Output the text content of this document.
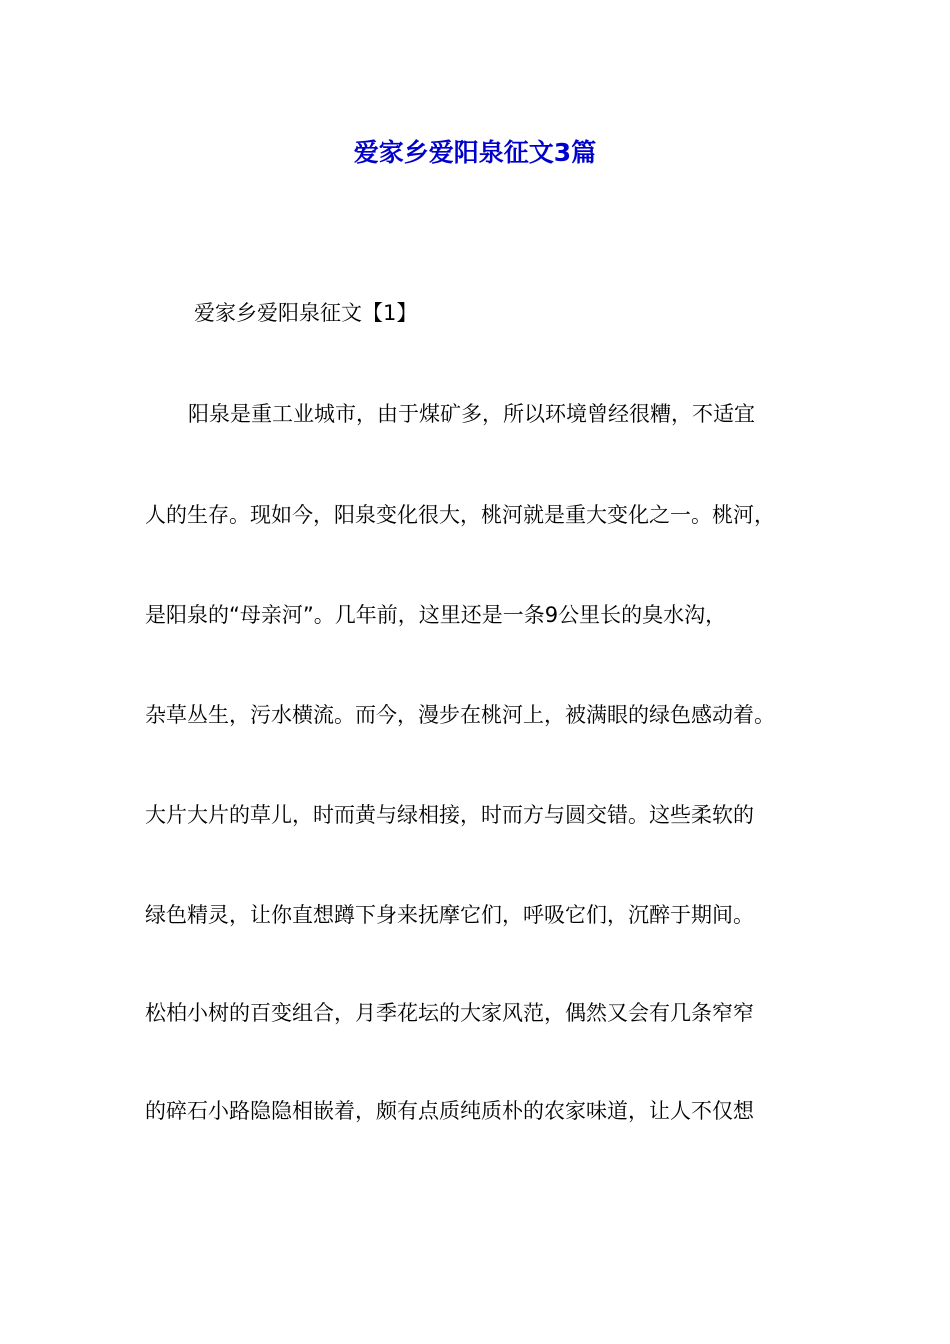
爱家乡爱阳泉征文3篇
爱家乡爱阳泉征文【1】
阳泉是重工业城市，由于煤矿多，所以环境曾经很糟，不适宜
人的生存。现如今，阳泉变化很大，桃河就是重大变化之一。桃河，
是阳泉的“母亲河”。几年前，这里还是一条9公里长的臭水沟，
杂草丛生，污水横流。而今，漫步在桃河上，被满眼的绿色感动着。
大片大片的草儿，时而黄与绿相接，时而方与圆交错。这些柔软的
绿色精灵，让你直想蹲下身来抚摩它们，呼吸它们，沉醉于期间。
松柏小树的百变组合，月季花坛的大家风范，偶然又会有几条窄窄
的碎石小路隐隐相嵌着，颇有点质纯质朴的农家味道，让人不仅想
